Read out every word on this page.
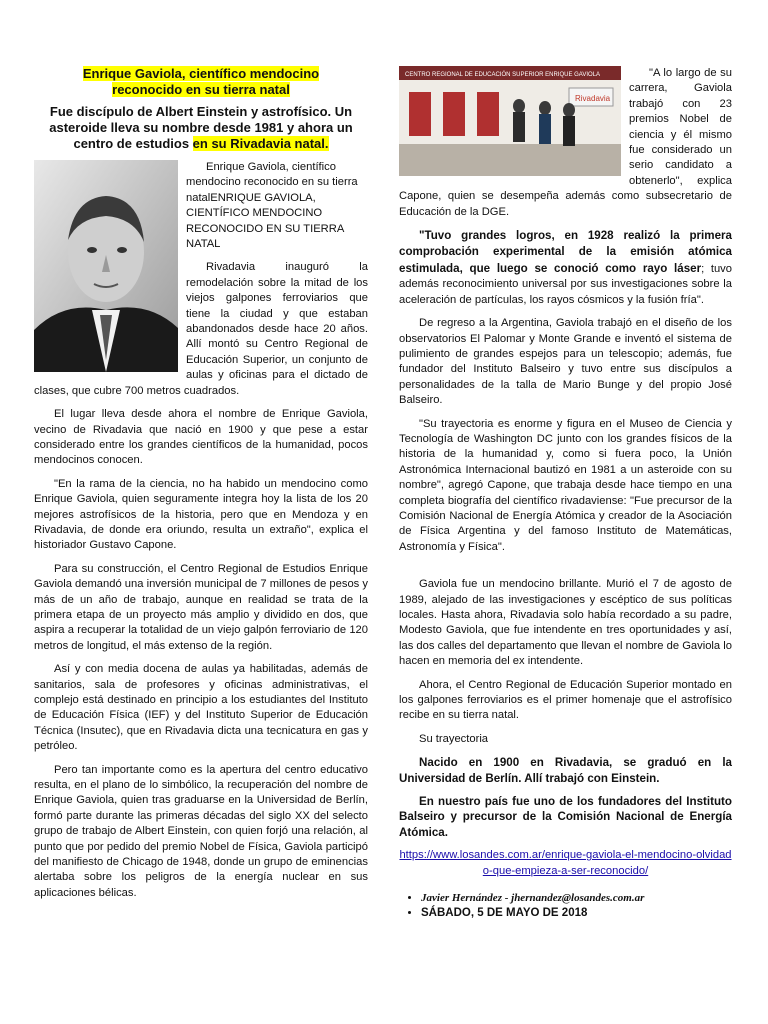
Enrique Gaviola, científico mendocino
reconocido en su tierra natal
Fue discípulo de Albert Einstein y astrofísico. Un asteroide lleva su nombre desde 1981 y ahora un centro de estudios en su Rivadavia natal.

Enrique Gaviola, científico mendocino reconocido en su tierra natalENRIQUE GAVIOLA, CIENTÍFICO MENDOCINO RECONOCIDO EN SU TIERRA NATAL

Rivadavia inauguró la remodelación sobre la mitad de los viejos galpones ferroviarios que tiene la ciudad y que estaban abandonados desde hace 20 años. Allí montó su Centro Regional de Educación Superior, un conjunto de aulas y oficinas para el dictado de clases, que cubre 700 metros cuadrados.

El lugar lleva desde ahora el nombre de Enrique Gaviola, vecino de Rivadavia que nació en 1900 y que pese a estar considerado entre los grandes científicos de la humanidad, pocos mendocinos conocen.

"En la rama de la ciencia, no ha habido un mendocino como Enrique Gaviola, quien seguramente integra hoy la lista de los 20 mejores astrofísicos de la historia, pero que en Mendoza y en Rivadavia, de donde era oriundo, resulta un extraño", explica el historiador Gustavo Capone.

Para su construcción, el Centro Regional de Estudios Enrique Gaviola demandó una inversión municipal de 7 millones de pesos y más de un año de trabajo, aunque en realidad se trata de la primera etapa de un proyecto más amplio y dividido en dos, que aspira a recuperar la totalidad de un viejo galpón ferroviario de 120 metros de longitud, el más extenso de la región.

Así y con media docena de aulas ya habilitadas, además de sanitarios, sala de profesores y oficinas administrativas, el complejo está destinado en principio a los estudiantes del Instituto de Educación Física (IEF) y del Instituto Superior de Educación Técnica (Insutec), que en Rivadavia dicta una tecnicatura en gas y petróleo.

Pero tan importante como es la apertura del centro educativo resulta, en el plano de lo simbólico, la recuperación del nombre de Enrique Gaviola, quien tras graduarse en la Universidad de Berlín, formó parte durante las primeras décadas del siglo XX del selecto grupo de trabajo de Albert Einstein, con quien forjó una relación, al punto que por pedido del premio Nobel de Física, Gaviola participó del manifiesto de Chicago de 1948, donde un grupo de eminencias alertaba sobre los peligros de la energía nuclear en sus aplicaciones bélicas.

CENTRO REGIONAL DE EDUCACIÓN SUPERIOR ENRIQUE GAVIOLA
Rivadavia

"A lo largo de su carrera, Gaviola trabajó con 23 premios Nobel de ciencia y él mismo fue considerado un serio candidato a obtenerlo", explica Capone, quien se desempeña además como subsecretario de Educación de la DGE.

"Tuvo grandes logros, en 1928 realizó la primera comprobación experimental de la emisión atómica estimulada, que luego se conoció como rayo láser; tuvo además reconocimiento universal por sus investigaciones sobre la aceleración de partículas, los rayos cósmicos y la fusión fría".

De regreso a la Argentina, Gaviola trabajó en el diseño de los observatorios El Palomar y Monte Grande e inventó el sistema de pulimiento de grandes espejos para un telescopio; además, fue fundador del Instituto Balseiro y tuvo entre sus discípulos a personalidades de la talla de Mario Bunge y del propio José Balseiro.

"Su trayectoria es enorme y figura en el Museo de Ciencia y Tecnología de Washington DC junto con los grandes físicos de la historia de la humanidad y, como si fuera poco, la Unión Astronómica Internacional bautizó en 1981 a un asteroide con su nombre", agregó Capone, que trabaja desde hace tiempo en una completa biografía del científico rivadaviense: "Fue precursor de la Comisión Nacional de Energía Atómica y creador de la Asociación de Física Argentina y del famoso Instituto de Matemáticas, Astronomía y Física".

Gaviola fue un mendocino brillante. Murió el 7 de agosto de 1989, alejado de las investigaciones y escéptico de sus políticas locales. Hasta ahora, Rivadavia solo había recordado a su padre, Modesto Gaviola, que fue intendente en tres oportunidades y así, las dos calles del departamento que llevan el nombre de Gaviola lo hacen en memoria del ex intendente.

Ahora, el Centro Regional de Educación Superior montado en los galpones ferroviarios es el primer homenaje que el astrofísico recibe en su tierra natal.

Su trayectoria

Nacido en 1900 en Rivadavia, se graduó en la Universidad de Berlín. Allí trabajó con Einstein.

En nuestro país fue uno de los fundadores del Instituto Balseiro y precursor de la Comisión Nacional de Energía Atómica.

https://www.losandes.com.ar/enrique-gaviola-el-mendocino-olvidado-que-empieza-a-ser-reconocido/

• Javier Hernández - jhernandez@losandes.com.ar
• SÁBADO, 5 DE MAYO DE 2018
